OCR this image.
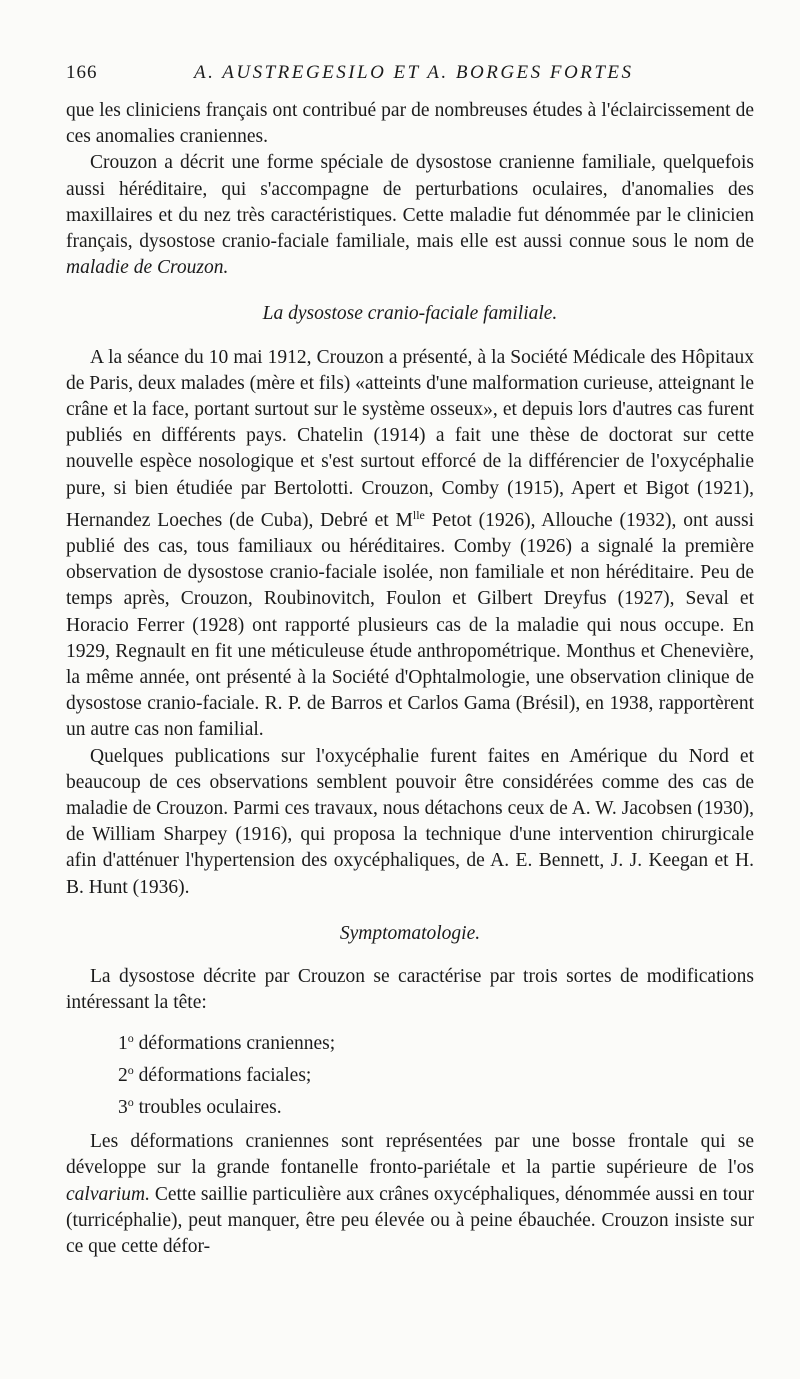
166	A. AUSTREGESILO ET A. BORGES FORTES

que les cliniciens français ont contribué par de nombreuses études à l'éclaircissement de ces anomalies craniennes.

Crouzon a décrit une forme spéciale de dysostose cranienne familiale, quelquefois aussi héréditaire, qui s'accompagne de perturbations oculaires, d'anomalies des maxillaires et du nez très caractéristiques. Cette maladie fut dénommée par le clinicien français, dysostose cranio-faciale familiale, mais elle est aussi connue sous le nom de maladie de Crouzon.

La dysostose cranio-faciale familiale.

A la séance du 10 mai 1912, Crouzon a présenté, à la Société Médicale des Hôpitaux de Paris, deux malades (mère et fils) «atteints d'une malformation curieuse, atteignant le crâne et la face, portant surtout sur le système osseux», et depuis lors d'autres cas furent publiés en différents pays. Chatelin (1914) a fait une thèse de doctorat sur cette nouvelle espèce nosologique et s'est surtout efforcé de la différencier de l'oxycéphalie pure, si bien étudiée par Bertolotti. Crouzon, Comby (1915), Apert et Bigot (1921), Hernandez Loeches (de Cuba), Debré et $M^{lle}$ Petot (1926), Allouche (1932), ont aussi publié des cas, tous familiaux ou héréditaires. Comby (1926) a signalé la première observation de dysostose cranio-faciale isolée, non familiale et non héréditaire. Peu de temps après, Crouzon, Roubinovitch, Foulon et Gilbert Dreyfus (1927), Seval et Horacio Ferrer (1928) ont rapporté plusieurs cas de la maladie qui nous occupe. En 1929, Regnault en fit une méticuleuse étude anthropométrique. Monthus et Chenevière, la même année, ont présenté à la Société d'Ophtalmologie, une observation clinique de dysostose cranio-faciale. R. P. de Barros et Carlos Gama (Brésil), en 1938, rapportèrent un autre cas non familial.

Quelques publications sur l'oxycéphalie furent faites en Amérique du Nord et beaucoup de ces observations semblent pouvoir être considérées comme des cas de maladie de Crouzon. Parmi ces travaux, nous détachons ceux de A. W. Jacobsen (1930), de William Sharpey (1916), qui proposa la technique d'une intervention chirurgicale afin d'atténuer l'hypertension des oxycéphaliques, de A. E. Bennett, J. J. Keegan et H. B. Hunt (1936).

Symptomatologie.

La dysostose décrite par Crouzon se caractérise par trois sortes de modifications intéressant la tête:

1$^o$ déformations craniennes;
2$^o$ déformations faciales;
3$^o$ troubles oculaires.

Les déformations craniennes sont représentées par une bosse frontale qui se développe sur la grande fontanelle fronto-pariétale et la partie supérieure de l'os calvarium. Cette saillie particulière aux crânes oxycéphaliques, dénommée aussi en tour (turricéphalie), peut manquer, être peu élevée ou à peine ébauchée. Crouzon insiste sur ce que cette défor-
